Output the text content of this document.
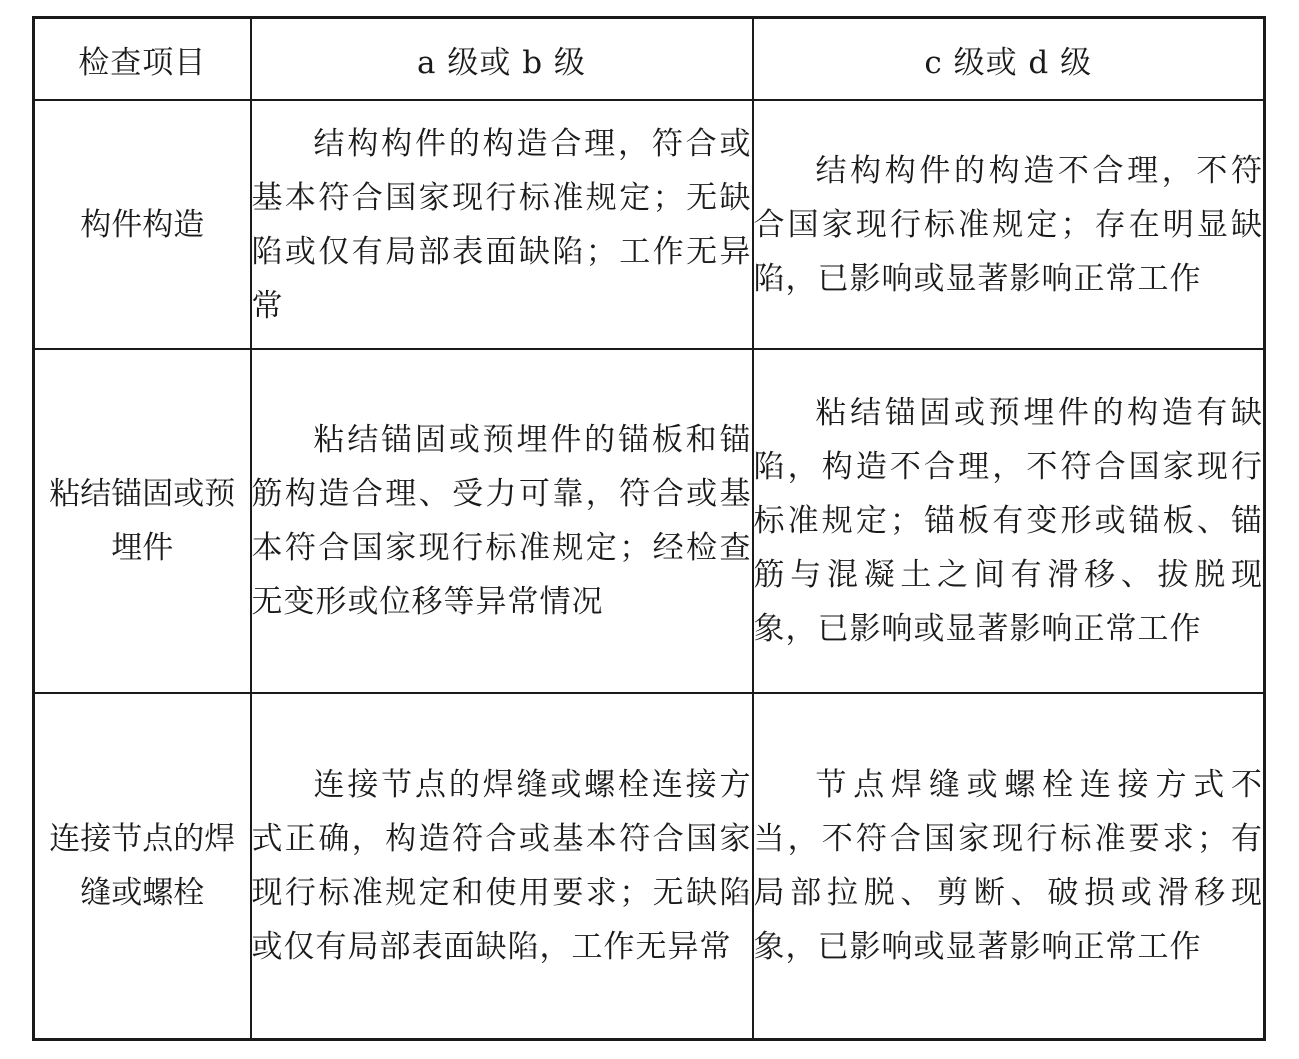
检查项目	a 级或 b 级	c 级或 d 级
构件构造	结构构件的构造合理，符合或基本符合国家现行标准规定；无缺陷或仅有局部表面缺陷；工作无异常	结构构件的构造不合理，不符合国家现行标准规定；存在明显缺陷，已影响或显著影响正常工作

粘结锚固或预埋件	粘结锚固或预埋件的锚板和锚筋构造合理、受力可靠，符合或基本符合国家现行标准规定；经检查无变形或位移等异常情况	粘结锚固或预埋件的构造有缺陷，构造不合理，不符合国家现行标准规定；锚板有变形或锚板、锚筋与混凝土之间有滑移、拔脱现象，已影响或显著影响正常工作

连接节点的焊缝或螺栓	连接节点的焊缝或螺栓连接方式正确，构造符合或基本符合国家现行标准规定和使用要求；无缺陷或仅有局部表面缺陷，工作无异常	节点焊缝或螺栓连接方式不当，不符合国家现行标准要求；有局部拉脱、剪断、破损或滑移现象，已影响或显著影响正常工作
